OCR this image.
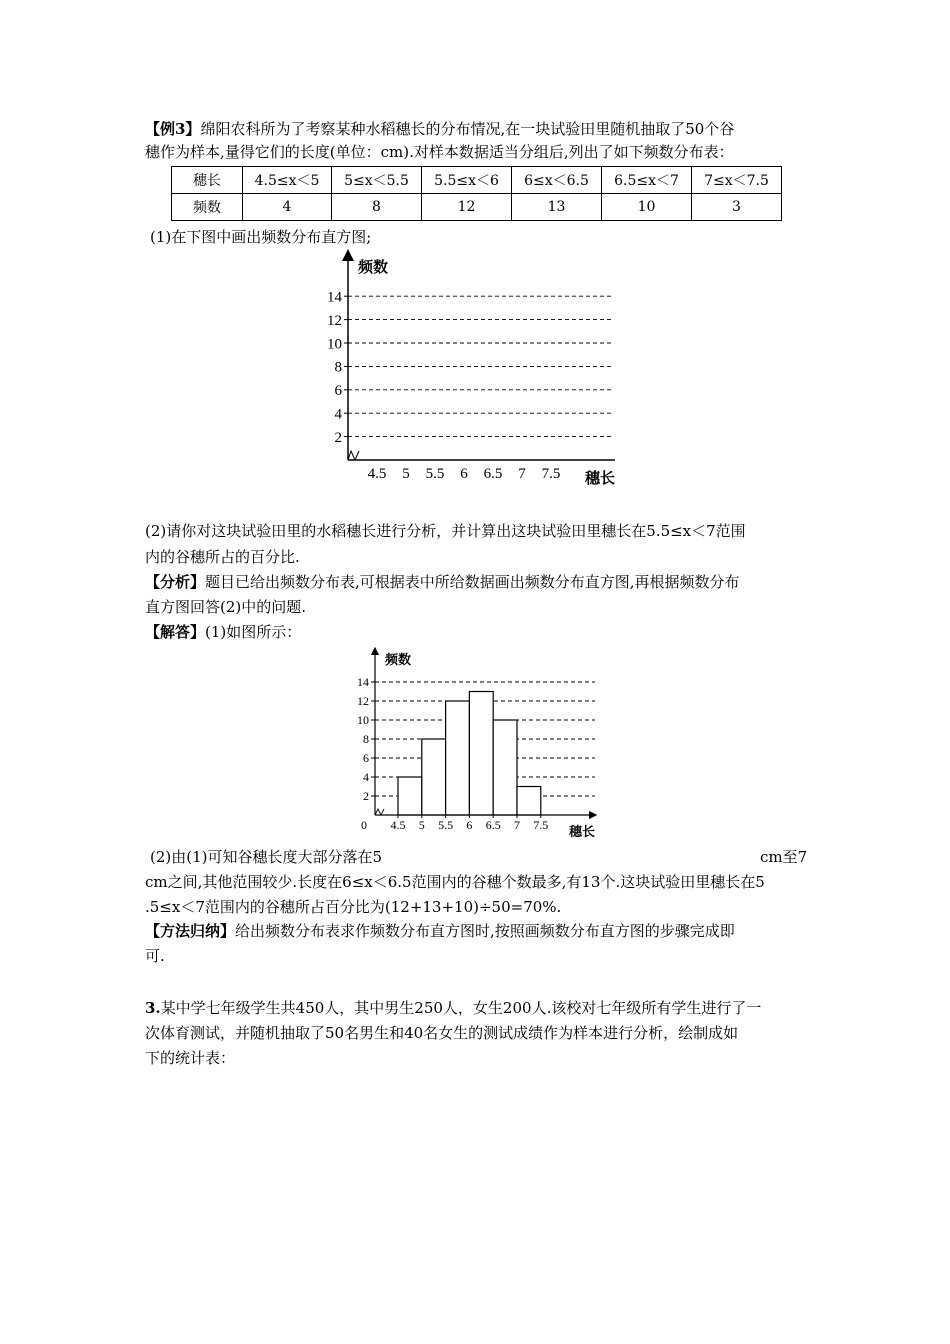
【例3】绵阳农科所为了考察某种水稻穗长的分布情况,在一块试验田里随机抽取了50个谷
穗作为样本,量得它们的长度(单位：cm).对样本数据适当分组后,列出了如下频数分布表：
穗长	4.5≤x＜5	5≤x＜5.5	5.5≤x＜6	6≤x＜6.5	6.5≤x＜7	7≤x＜7.5
频数	4	8	12	13	10	3
(1)在下图中画出频数分布直方图;
频数
穗长
2
4
6
8
10
12
14
4.5 5 5.5 6 6.5 7 7.5
(2)请你对这块试验田里的水稻穗长进行分析，并计算出这块试验田里穗长在5.5≤x＜7范围
内的谷穗所占的百分比.
【分析】题目已给出频数分布表,可根据表中所给数据画出频数分布直方图,再根据频数分布
直方图回答(2)中的问题.
【解答】(1)如图所示：
0
频数
穗长
2
4
6
8
10
12
14
4.5 5 5.5 6 6.5 7 7.5
(2)由(1)可知谷穗长度大部分落在5	cm至7
cm之间,其他范围较少.长度在6≤x＜6.5范围内的谷穗个数最多,有13个.这块试验田里穗长在5
.5≤x＜7范围内的谷穗所占百分比为(12+13+10)÷50=70%.
【方法归纳】给出频数分布表求作频数分布直方图时,按照画频数分布直方图的步骤完成即
可.
3.某中学七年级学生共450人，其中男生250人，女生200人.该校对七年级所有学生进行了一
次体育测试，并随机抽取了50名男生和40名女生的测试成绩作为样本进行分析，绘制成如
下的统计表：
